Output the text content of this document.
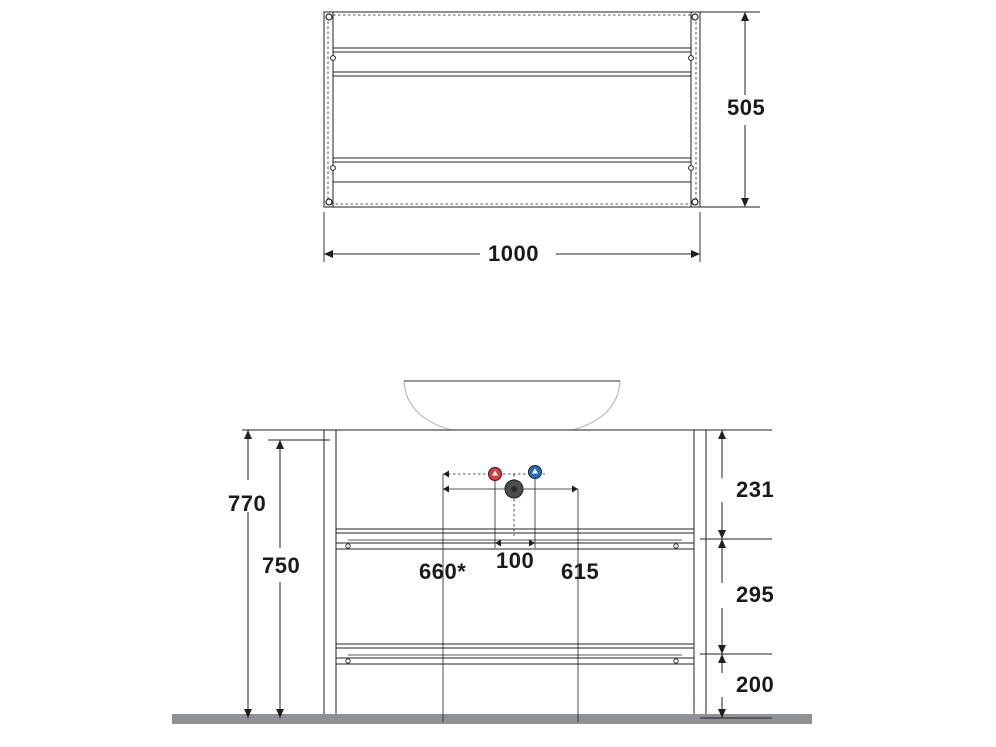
505
1000
770
750	660* 100 615
231
295
200
